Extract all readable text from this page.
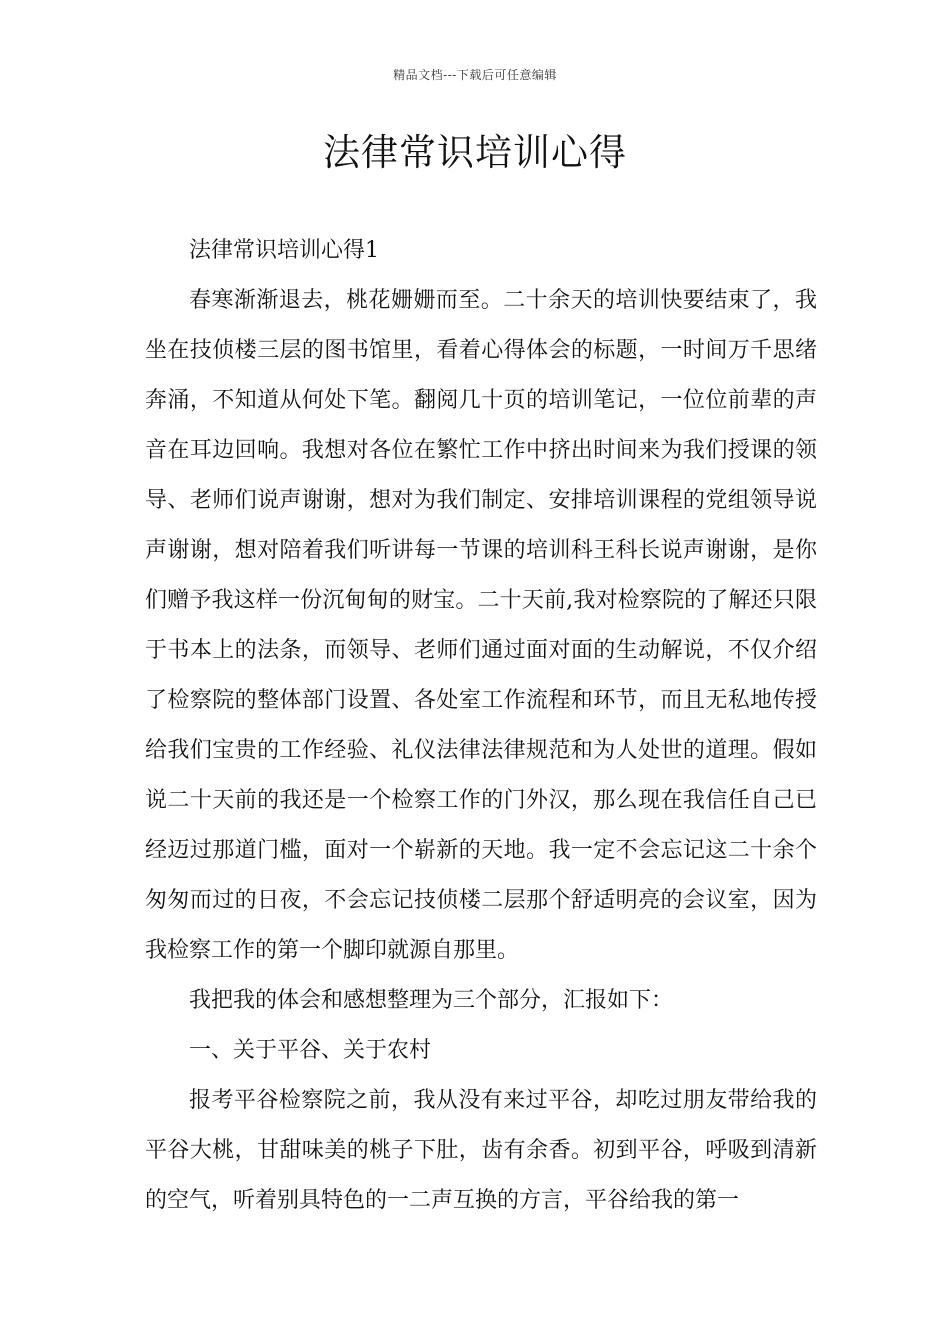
精品文档---下载后可任意编辑
法律常识培训心得

法律常识培训心得1

春寒渐渐退去，桃花姗姗而至。二十余天的培训快要结束了，我坐在技侦楼三层的图书馆里，看着心得体会的标题，一时间万千思绪奔涌，不知道从何处下笔。翻阅几十页的培训笔记，一位位前辈的声音在耳边回响。我想对各位在繁忙工作中挤出时间来为我们授课的领导、老师们说声谢谢，想对为我们制定、安排培训课程的党组领导说声谢谢，想对陪着我们听讲每一节课的培训科王科长说声谢谢，是你们赠予我这样一份沉甸甸的财宝。二十天前,我对检察院的了解还只限于书本上的法条，而领导、老师们通过面对面的生动解说，不仅介绍了检察院的整体部门设置、各处室工作流程和环节，而且无私地传授给我们宝贵的工作经验、礼仪法律法律规范和为人处世的道理。假如说二十天前的我还是一个检察工作的门外汉，那么现在我信任自己已经迈过那道门槛，面对一个崭新的天地。我一定不会忘记这二十余个匆匆而过的日夜，不会忘记技侦楼二层那个舒适明亮的会议室，因为我检察工作的第一个脚印就源自那里。

我把我的体会和感想整理为三个部分，汇报如下：

一、关于平谷、关于农村

报考平谷检察院之前，我从没有来过平谷，却吃过朋友带给我的平谷大桃，甘甜味美的桃子下肚，齿有余香。初到平谷，呼吸到清新的空气，听着别具特色的一二声互换的方言，平谷给我的第一
